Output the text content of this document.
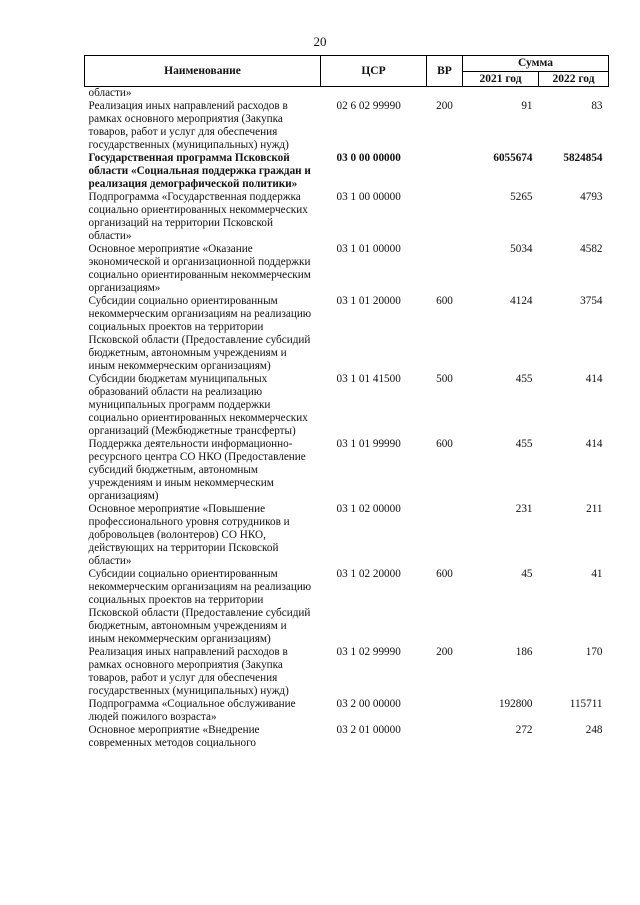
20
Наименование	ЦСР	ВР	Сумма	
			2021 год	2022 год
области»				
Реализация иных направлений расходов в рамках основного мероприятия (Закупка товаров, работ и услуг для обеспечения государственных (муниципальных) нужд)	02 6 02 99990	200	91	83
Государственная программа Псковской области «Социальная поддержка граждан и реализация демографической политики»	03 0 00 00000		6055674	5824854
Подпрограмма «Государственная поддержка социально ориентированных некоммерческих организаций на территории Псковской области»	03 1 00 00000		5265	4793
Основное мероприятие «Оказание экономической и организационной поддержки социально ориентированным некоммерческим организациям»	03 1 01 00000		5034	4582
Субсидии социально ориентированным некоммерческим организациям на реализацию социальных проектов на территории Псковской области (Предоставление субсидий бюджетным, автономным учреждениям и иным некоммерческим организациям)	03 1 01 20000	600	4124	3754
Субсидии бюджетам муниципальных образований области на реализацию муниципальных программ поддержки социально ориентированных некоммерческих организаций (Межбюджетные трансферты)	03 1 01 41500	500	455	414
Поддержка деятельности информационно-ресурсного центра СО НКО (Предоставление субсидий бюджетным, автономным учреждениям и иным некоммерческим организациям)	03 1 01 99990	600	455	414
Основное мероприятие «Повышение профессионального уровня сотрудников и добровольцев (волонтеров) СО НКО, действующих на территории Псковской области»	03 1 02 00000		231	211
Субсидии социально ориентированным некоммерческим организациям на реализацию социальных проектов на территории Псковской области (Предоставление субсидий бюджетным, автономным учреждениям и иным некоммерческим организациям)	03 1 02 20000	600	45	41
Реализация иных направлений расходов в рамках основного мероприятия (Закупка товаров, работ и услуг для обеспечения государственных (муниципальных) нужд)	03 1 02 99990	200	186	170
Подпрограмма «Социальное обслуживание людей пожилого возраста»	03 2 00 00000		192800	115711
Основное мероприятие «Внедрение современных методов социального	03 2 01 00000		272	248
